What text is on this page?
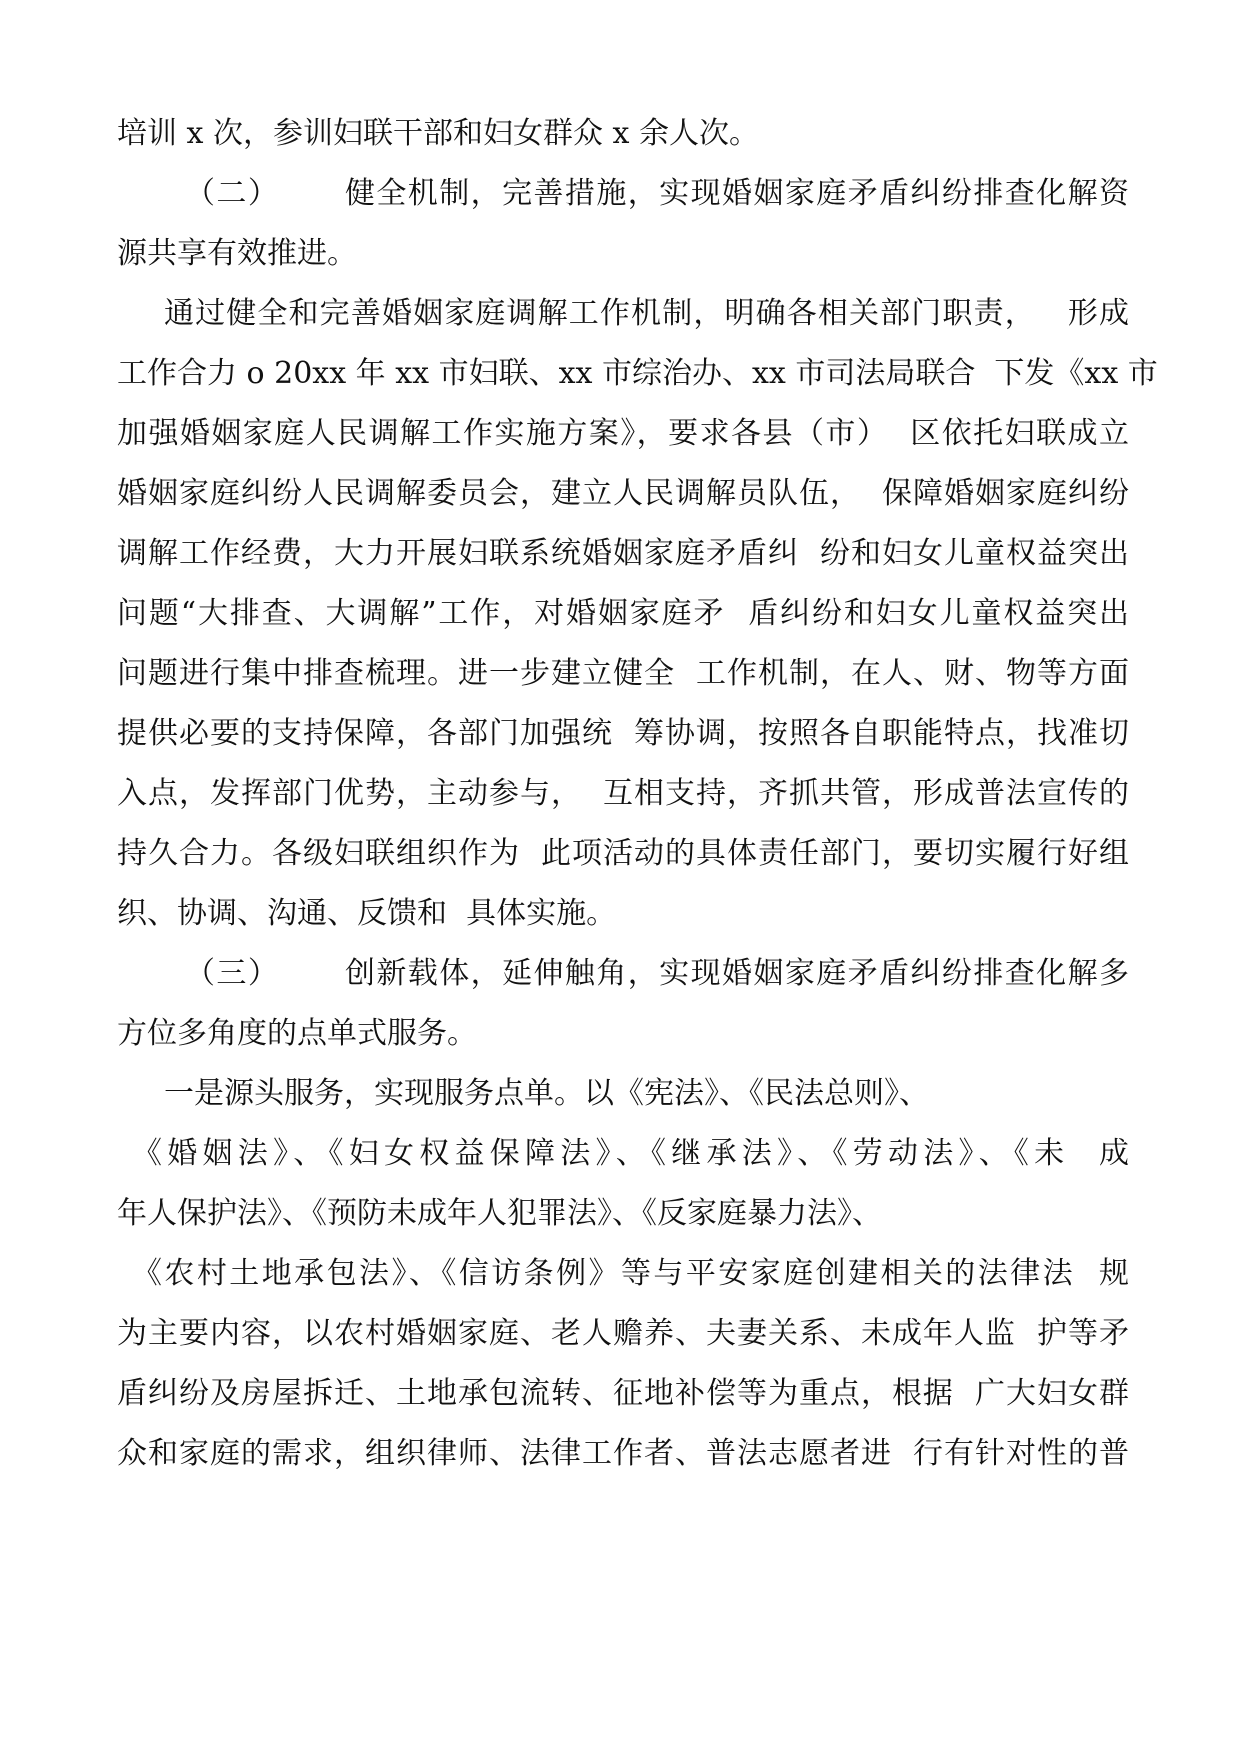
培训 x 次，参训妇联干部和妇女群众 x 余人次。
（二）      健全机制，完善措施，实现婚姻家庭矛盾纠纷排查化解资
源共享有效推进。
通过健全和完善婚姻家庭调解工作机制，明确各相关部门职责，   形成
工作合力 o 20xx 年 xx 市妇联、xx 市综治办、xx 市司法局联合  下发《xx 市
加强婚姻家庭人民调解工作实施方案》，要求各县（市）  区依托妇联成立
婚姻家庭纠纷人民调解委员会，建立人民调解员队伍，  保障婚姻家庭纠纷
调解工作经费，大力开展妇联系统婚姻家庭矛盾纠  纷和妇女儿童权益突出
问题“大排查、大调解”工作，对婚姻家庭矛  盾纠纷和妇女儿童权益突出
问题进行集中排查梳理。进一步建立健全  工作机制，在人、财、物等方面
提供必要的支持保障，各部门加强统  筹协调，按照各自职能特点，找准切
入点，发挥部门优势，主动参与，  互相支持，齐抓共管，形成普法宣传的
持久合力。各级妇联组织作为  此项活动的具体责任部门，要切实履行好组
织、协调、沟通、反馈和  具体实施。
（三）      创新载体，延伸触角，实现婚姻家庭矛盾纠纷排查化解多
方位多角度的点单式服务。
一是源头服务，实现服务点单。以《宪法》、《民法总则》、
《婚姻法》、《妇女权益保障法》、《继承法》、《劳动法》、《未  成
年人保护法》、《预防未成年人犯罪法》、《反家庭暴力法》、
《农村土地承包法》、《信访条例》等与平安家庭创建相关的法律法  规
为主要内容，以农村婚姻家庭、老人赡养、夫妻关系、未成年人监  护等矛
盾纠纷及房屋拆迁、土地承包流转、征地补偿等为重点，根据  广大妇女群
众和家庭的需求，组织律师、法律工作者、普法志愿者进  行有针对性的普
